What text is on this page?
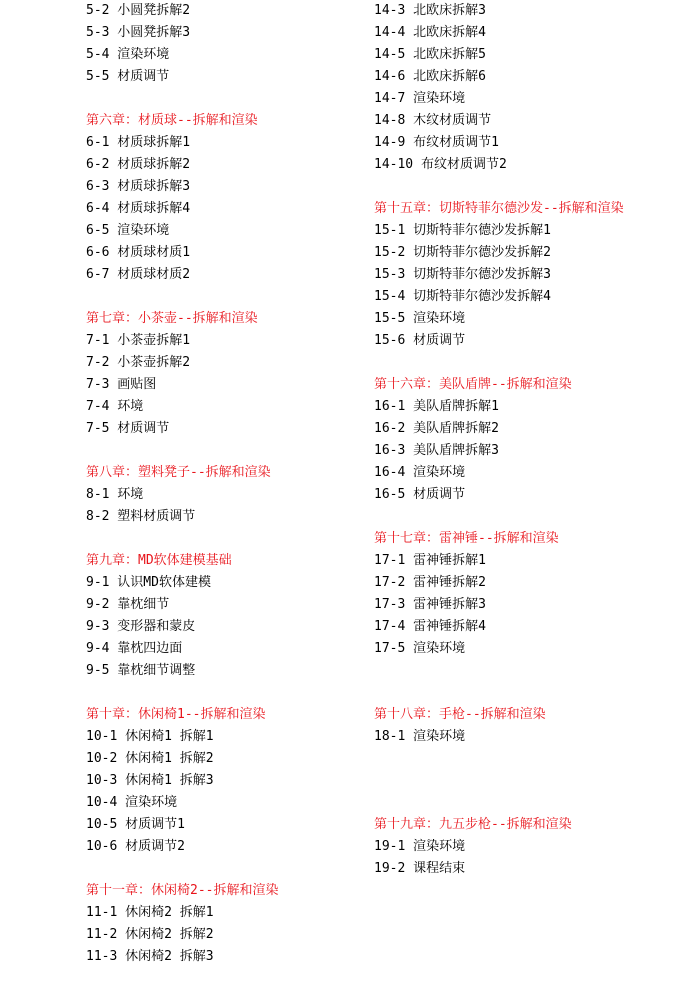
5-2 小圆凳拆解2
5-3 小圆凳拆解3
5-4 渲染环境
5-5 材质调节
第六章：材质球--拆解和渲染
6-1 材质球拆解1
6-2 材质球拆解2
6-3 材质球拆解3
6-4 材质球拆解4
6-5 渲染环境
6-6 材质球材质1
6-7 材质球材质2
第七章：小茶壶--拆解和渲染
7-1 小茶壶拆解1
7-2 小茶壶拆解2
7-3 画贴图
7-4 环境
7-5 材质调节
第八章：塑料凳子--拆解和渲染
8-1 环境
8-2 塑料材质调节
第九章：MD软体建模基础
9-1 认识MD软体建模
9-2 靠枕细节
9-3 变形器和蒙皮
9-4 靠枕四边面
9-5 靠枕细节调整
第十章：休闲椅1--拆解和渲染
10-1 休闲椅1 拆解1
10-2 休闲椅1 拆解2
10-3 休闲椅1 拆解3
10-4 渲染环境
10-5 材质调节1
10-6 材质调节2
第十一章：休闲椅2--拆解和渲染
11-1 休闲椅2 拆解1
11-2 休闲椅2 拆解2
11-3 休闲椅2 拆解3
14-3 北欧床拆解3
14-4 北欧床拆解4
14-5 北欧床拆解5
14-6 北欧床拆解6
14-7 渲染环境
14-8 木纹材质调节
14-9 布纹材质调节1
14-10 布纹材质调节2
第十五章：切斯特菲尔德沙发--拆解和渲染
15-1 切斯特菲尔德沙发拆解1
15-2 切斯特菲尔德沙发拆解2
15-3 切斯特菲尔德沙发拆解3
15-4 切斯特菲尔德沙发拆解4
15-5 渲染环境
15-6 材质调节
第十六章：美队盾牌--拆解和渲染
16-1 美队盾牌拆解1
16-2 美队盾牌拆解2
16-3 美队盾牌拆解3
16-4 渲染环境
16-5 材质调节
第十七章：雷神锤--拆解和渲染
17-1 雷神锤拆解1
17-2 雷神锤拆解2
17-3 雷神锤拆解3
17-4 雷神锤拆解4
17-5 渲染环境
第十八章：手枪--拆解和渲染
18-1 渲染环境
第十九章：九五步枪--拆解和渲染
19-1 渲染环境
19-2 课程结束
